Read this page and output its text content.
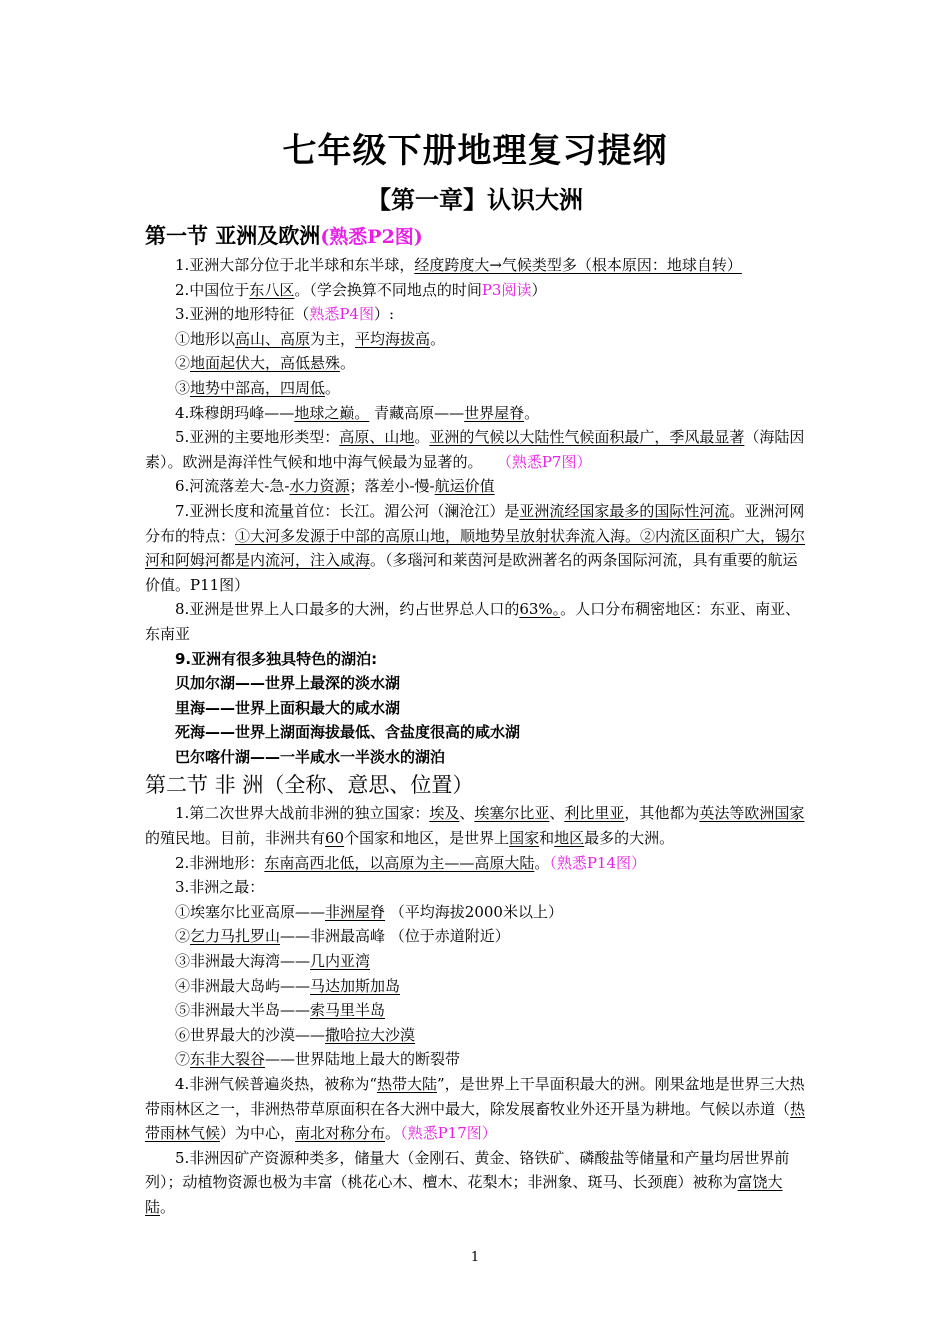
七年级下册地理复习提纲
【第一章】认识大洲

第一节 亚洲及欧洲(熟悉P2图)

1.亚洲大部分位于北半球和东半球，经度跨度大→气候类型多（根本原因：地球自转）

2.中国位于东八区。（学会换算不同地点的时间P3阅读）

3.亚洲的地形特征（熟悉P4图）:

①地形以高山、高原为主，平均海拔高。

②地面起伏大，高低悬殊。

③地势中部高，四周低。

4.珠穆朗玛峰——地球之巅。 青藏高原——世界屋脊。

5.亚洲的主要地形类型：高原、山地。亚洲的气候以大陆性气候面积最广，季风最显著（海陆因素）。欧洲是海洋性气候和地中海气候最为显著的。 （熟悉P7图）

6.河流落差大-急-水力资源；落差小-慢-航运价值

7.亚洲长度和流量首位：长江。湄公河（澜沧江）是亚洲流经国家最多的国际性河流。亚洲河网分布的特点：①大河多发源于中部的高原山地，顺地势呈放射状奔流入海。②内流区面积广大，锡尔河和阿姆河都是内流河，注入咸海。（多瑙河和莱茵河是欧洲著名的两条国际河流，具有重要的航运价值。P11图）

8.亚洲是世界上人口最多的大洲，约占世界总人口的63%。。人口分布稠密地区：东亚、南亚、东南亚

9.亚洲有很多独具特色的湖泊:

贝加尔湖——世界上最深的淡水湖

里海——世界上面积最大的咸水湖

死海——世界上湖面海拔最低、含盐度很高的咸水湖

巴尔喀什湖——一半咸水一半淡水的湖泊

第二节 非 洲（全称、意思、位置）

1.第二次世界大战前非洲的独立国家：埃及、埃塞尔比亚、利比里亚，其他都为英法等欧洲国家的殖民地。目前，非洲共有60个国家和地区，是世界上国家和地区最多的大洲。

2.非洲地形：东南高西北低，以高原为主——高原大陆。（熟悉P14图）

3.非洲之最：

①埃塞尔比亚高原——非洲屋脊 （平均海拔2000米以上）

②乞力马扎罗山——非洲最高峰 （位于赤道附近）

③非洲最大海湾——几内亚湾

④非洲最大岛屿——马达加斯加岛

⑤非洲最大半岛——索马里半岛

⑥世界最大的沙漠——撒哈拉大沙漠

⑦东非大裂谷——世界陆地上最大的断裂带

4.非洲气候普遍炎热，被称为“热带大陆”，是世界上干旱面积最大的洲。刚果盆地是世界三大热带雨林区之一，非洲热带草原面积在各大洲中最大，除发展畜牧业外还开垦为耕地。气候以赤道（热带雨林气候）为中心，南北对称分布。（熟悉P17图）

5.非洲因矿产资源种类多，储量大（金刚石、黄金、铬铁矿、磷酸盐等储量和产量均居世界前列）；动植物资源也极为丰富（桃花心木、檀木、花梨木；非洲象、斑马、长颈鹿）被称为富饶大陆。

1
